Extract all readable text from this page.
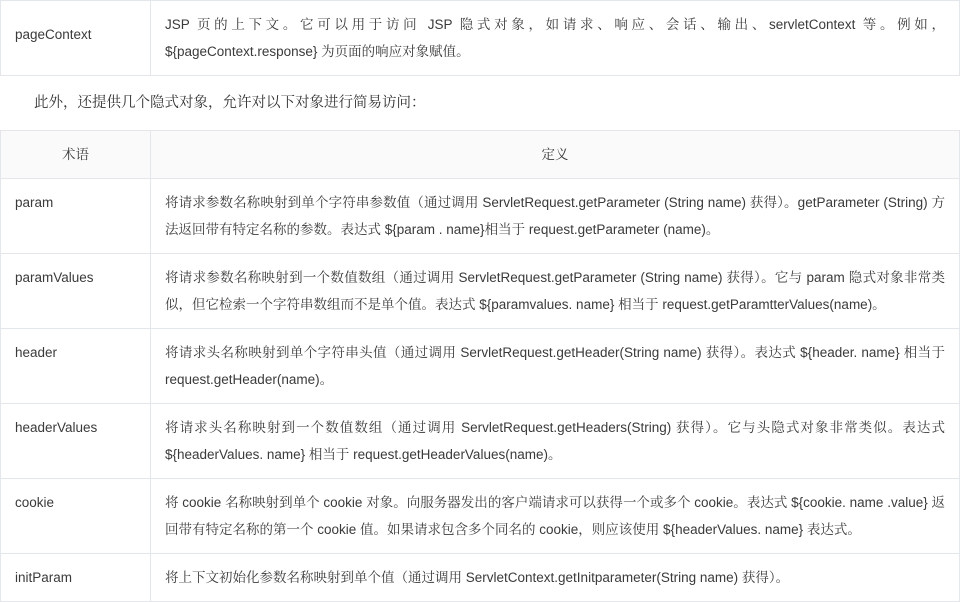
pageContext	JSP 页的上下文。它可以用于访问 JSP 隐式对象，如请求、响应、会话、输出、servletContext 等。例如，${pageContext.response} 为页面的响应对象赋值。
此外，还提供几个隐式对象，允许对以下对象进行简易访问：
术语	定义
param	将请求参数名称映射到单个字符串参数值（通过调用 ServletRequest.getParameter (String name) 获得）。getParameter (String) 方法返回带有特定名称的参数。表达式 ${param . name}相当于 request.getParameter (name)。
paramValues	将请求参数名称映射到一个数值数组（通过调用 ServletRequest.getParameter (String name) 获得）。它与 param 隐式对象非常类似，但它检索一个字符串数组而不是单个值。表达式 ${paramvalues. name} 相当于 request.getParamtterValues(name)。
header	将请求头名称映射到单个字符串头值（通过调用 ServletRequest.getHeader(String name) 获得）。表达式 ${header. name} 相当于 request.getHeader(name)。
headerValues	将请求头名称映射到一个数值数组（通过调用 ServletRequest.getHeaders(String) 获得）。它与头隐式对象非常类似。表达式 ${headerValues. name} 相当于 request.getHeaderValues(name)。
cookie	将 cookie 名称映射到单个 cookie 对象。向服务器发出的客户端请求可以获得一个或多个 cookie。表达式 ${cookie. name .value} 返回带有特定名称的第一个 cookie 值。如果请求包含多个同名的 cookie，则应该使用 ${headerValues. name} 表达式。
initParam	将上下文初始化参数名称映射到单个值（通过调用 ServletContext.getInitparameter(String name) 获得）。
